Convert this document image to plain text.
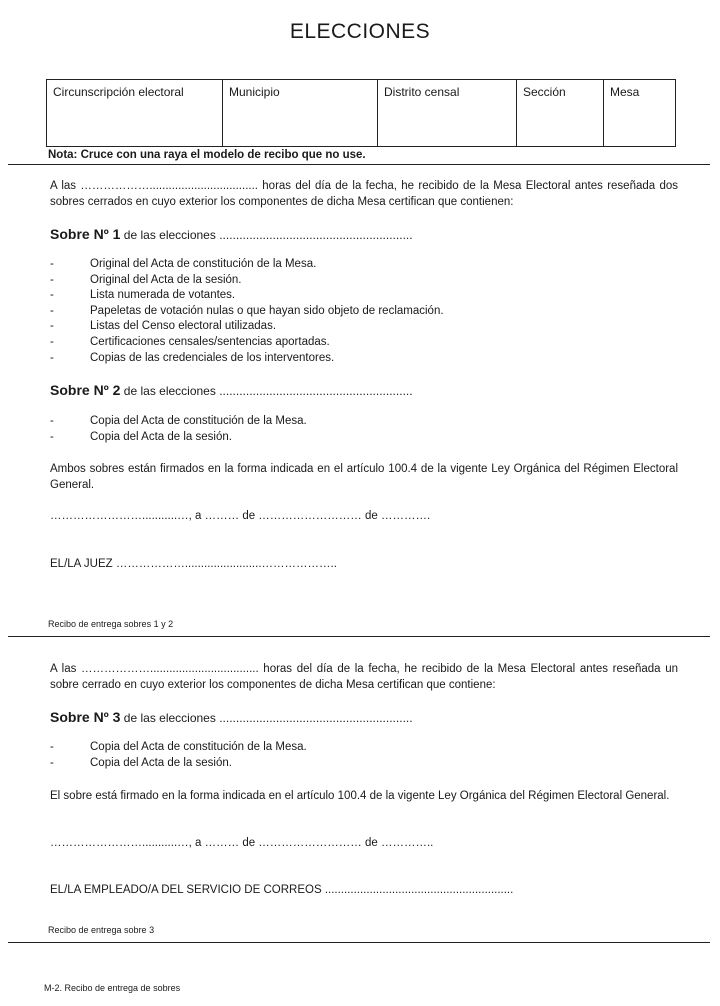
ELECCIONES
Circunscripción electoral	Municipio	Distrito censal	Sección	Mesa
Nota: Cruce con una raya el modelo de recibo que no use.
A las ……………….................................. horas del día de la fecha, he recibido de la Mesa Electoral antes reseñada dos sobres cerrados en cuyo exterior los componentes de dicha Mesa certifican que contienen:
Sobre Nº 1 de las elecciones ..........................................................
-	Original del Acta de constitución de la Mesa.
-	Original del Acta de la sesión.
-	Lista numerada de votantes.
-	Papeletas de votación nulas o que hayan sido objeto de reclamación.
-	Listas del Censo electoral utilizadas.
-	Certificaciones censales/sentencias aportadas.
-	Copias de las credenciales de los interventores.
Sobre Nº 2 de las elecciones ..........................................................
-	Copia del Acta de constitución de la Mesa.
-	Copia del Acta de la sesión.
Ambos sobres están firmados en la forma indicada en el artículo 100.4 de la vigente Ley Orgánica del Régimen Electoral General.
……………………...........…, a ……… de ……………………… de ………….
EL/LA JUEZ ………………........................………………..
Recibo de entrega sobres 1 y 2
A las ……………….................................. horas del día de la fecha, he recibido de la Mesa Electoral antes reseñada un sobre cerrado en cuyo exterior los componentes de dicha Mesa certifican que contiene:
Sobre Nº 3 de las elecciones ..........................................................
-	Copia del Acta de constitución de la Mesa.
-	Copia del Acta de la sesión.
El sobre está firmado en la forma indicada en el artículo 100.4 de la vigente Ley Orgánica del Régimen Electoral General.
……………………...........…, a ……… de ……………………… de …………..
EL/LA EMPLEADO/A DEL SERVICIO DE CORREOS ...........................................................
Recibo de entrega sobre 3
M-2. Recibo de entrega de sobres
